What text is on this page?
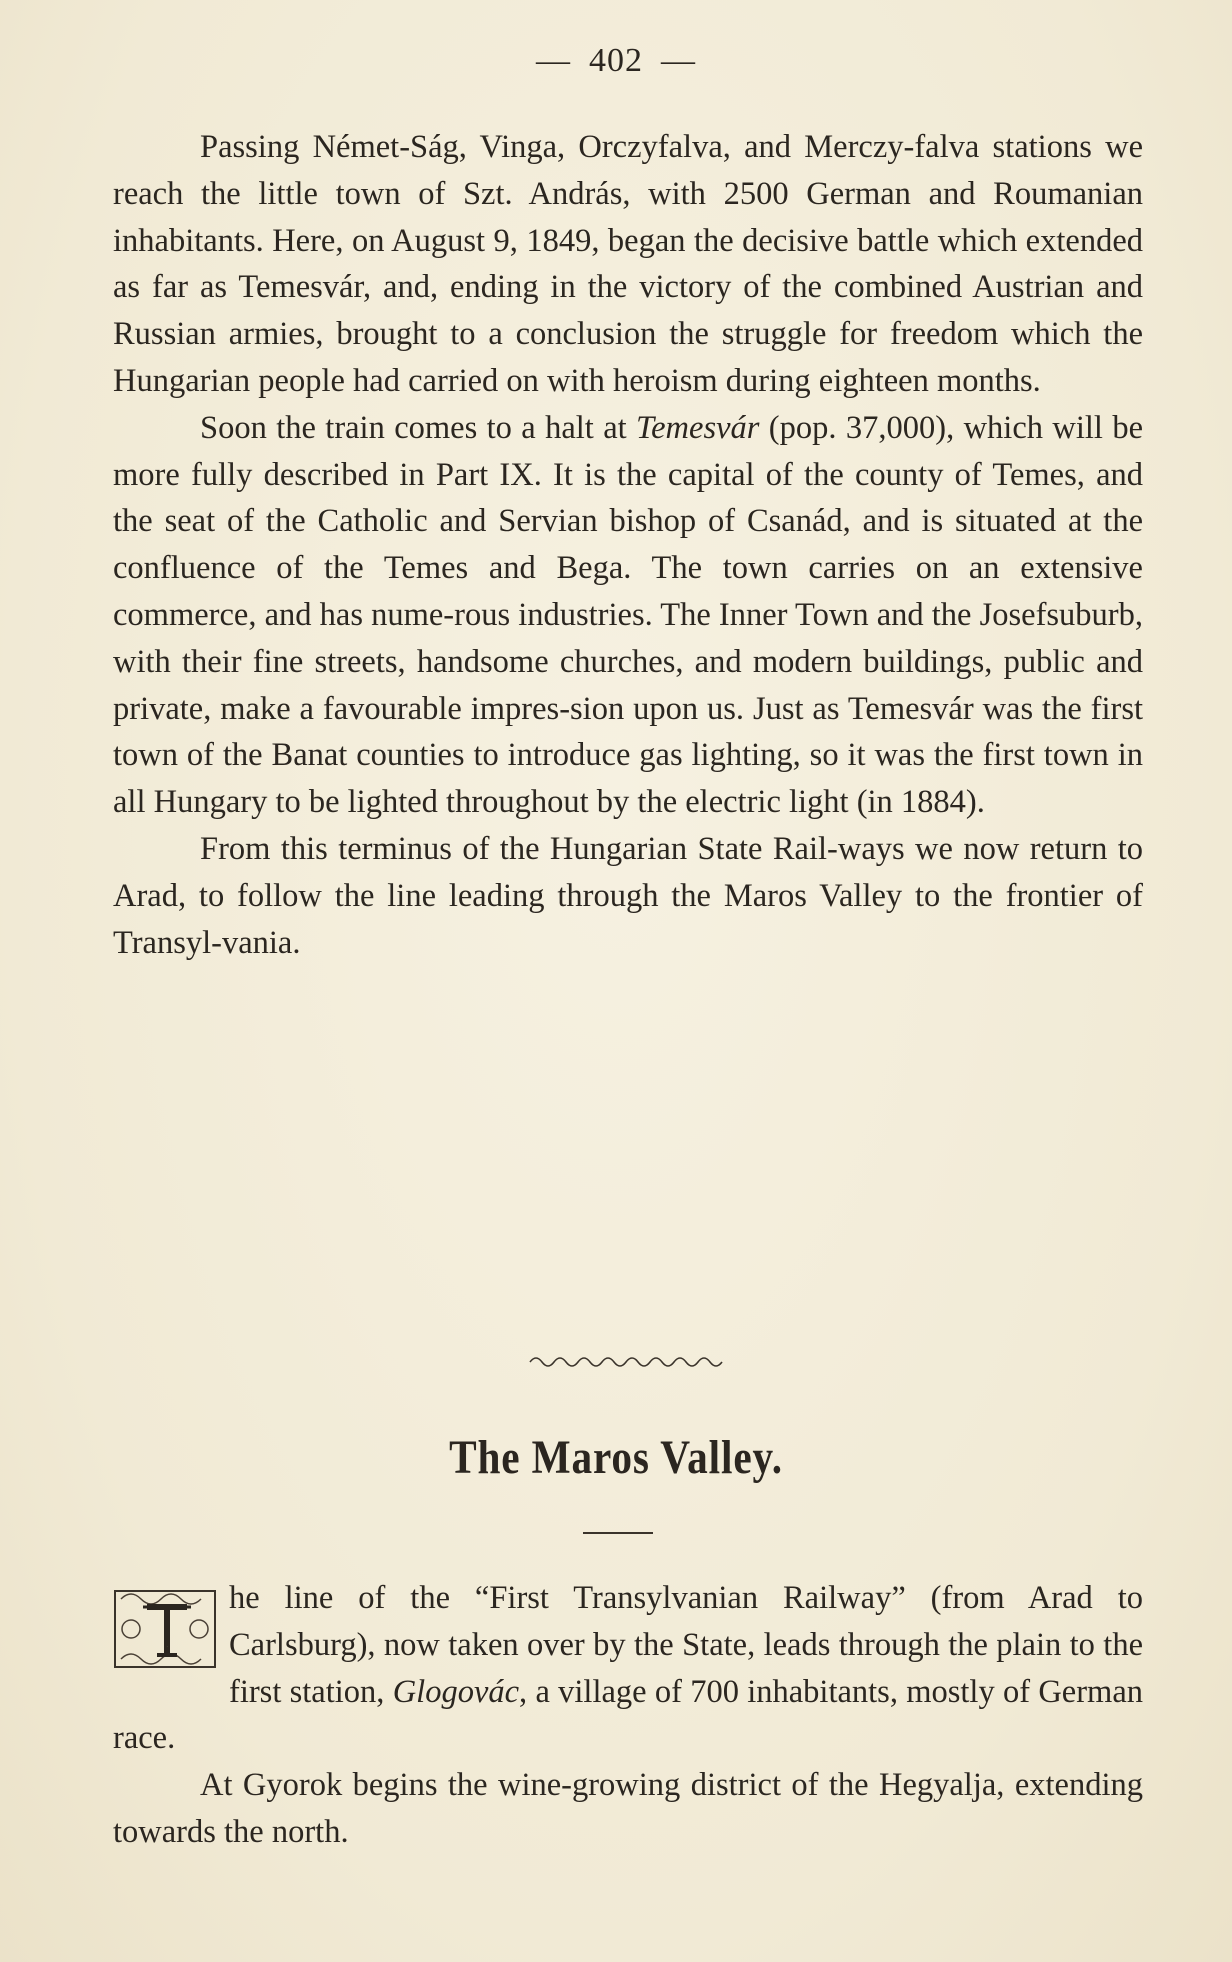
— 402 —

Passing Német-Ság, Vinga, Orczyfalva, and Merczy-falva stations we reach the little town of Szt. András, with 2500 German and Roumanian inhabitants. Here, on August 9, 1849, began the decisive battle which extended as far as Temesvár, and, ending in the victory of the combined Austrian and Russian armies, brought to a conclusion the struggle for freedom which the Hungarian people had carried on with heroism during eighteen months.

Soon the train comes to a halt at Temesvár (pop. 37,000), which will be more fully described in Part IX. It is the capital of the county of Temes, and the seat of the Catholic and Servian bishop of Csanád, and is situated at the confluence of the Temes and Bega. The town carries on an extensive commerce, and has nume-rous industries. The Inner Town and the Josefsuburb, with their fine streets, handsome churches, and modern buildings, public and private, make a favourable impres-sion upon us. Just as Temesvár was the first town of the Banat counties to introduce gas lighting, so it was the first town in all Hungary to be lighted throughout by the electric light (in 1884).

From this terminus of the Hungarian State Rail-ways we now return to Arad, to follow the line leading through the Maros Valley to the frontier of Transyl-vania.

The Maros Valley.

T
he line of the “First Transylvanian Railway” (from Arad to Carlsburg), now taken over by the State, leads through the plain to the first station, Glogovác, a village of 700 inhabitants, mostly of German race.

At Gyorok begins the wine-growing district of the Hegyalja, extending towards the north.
